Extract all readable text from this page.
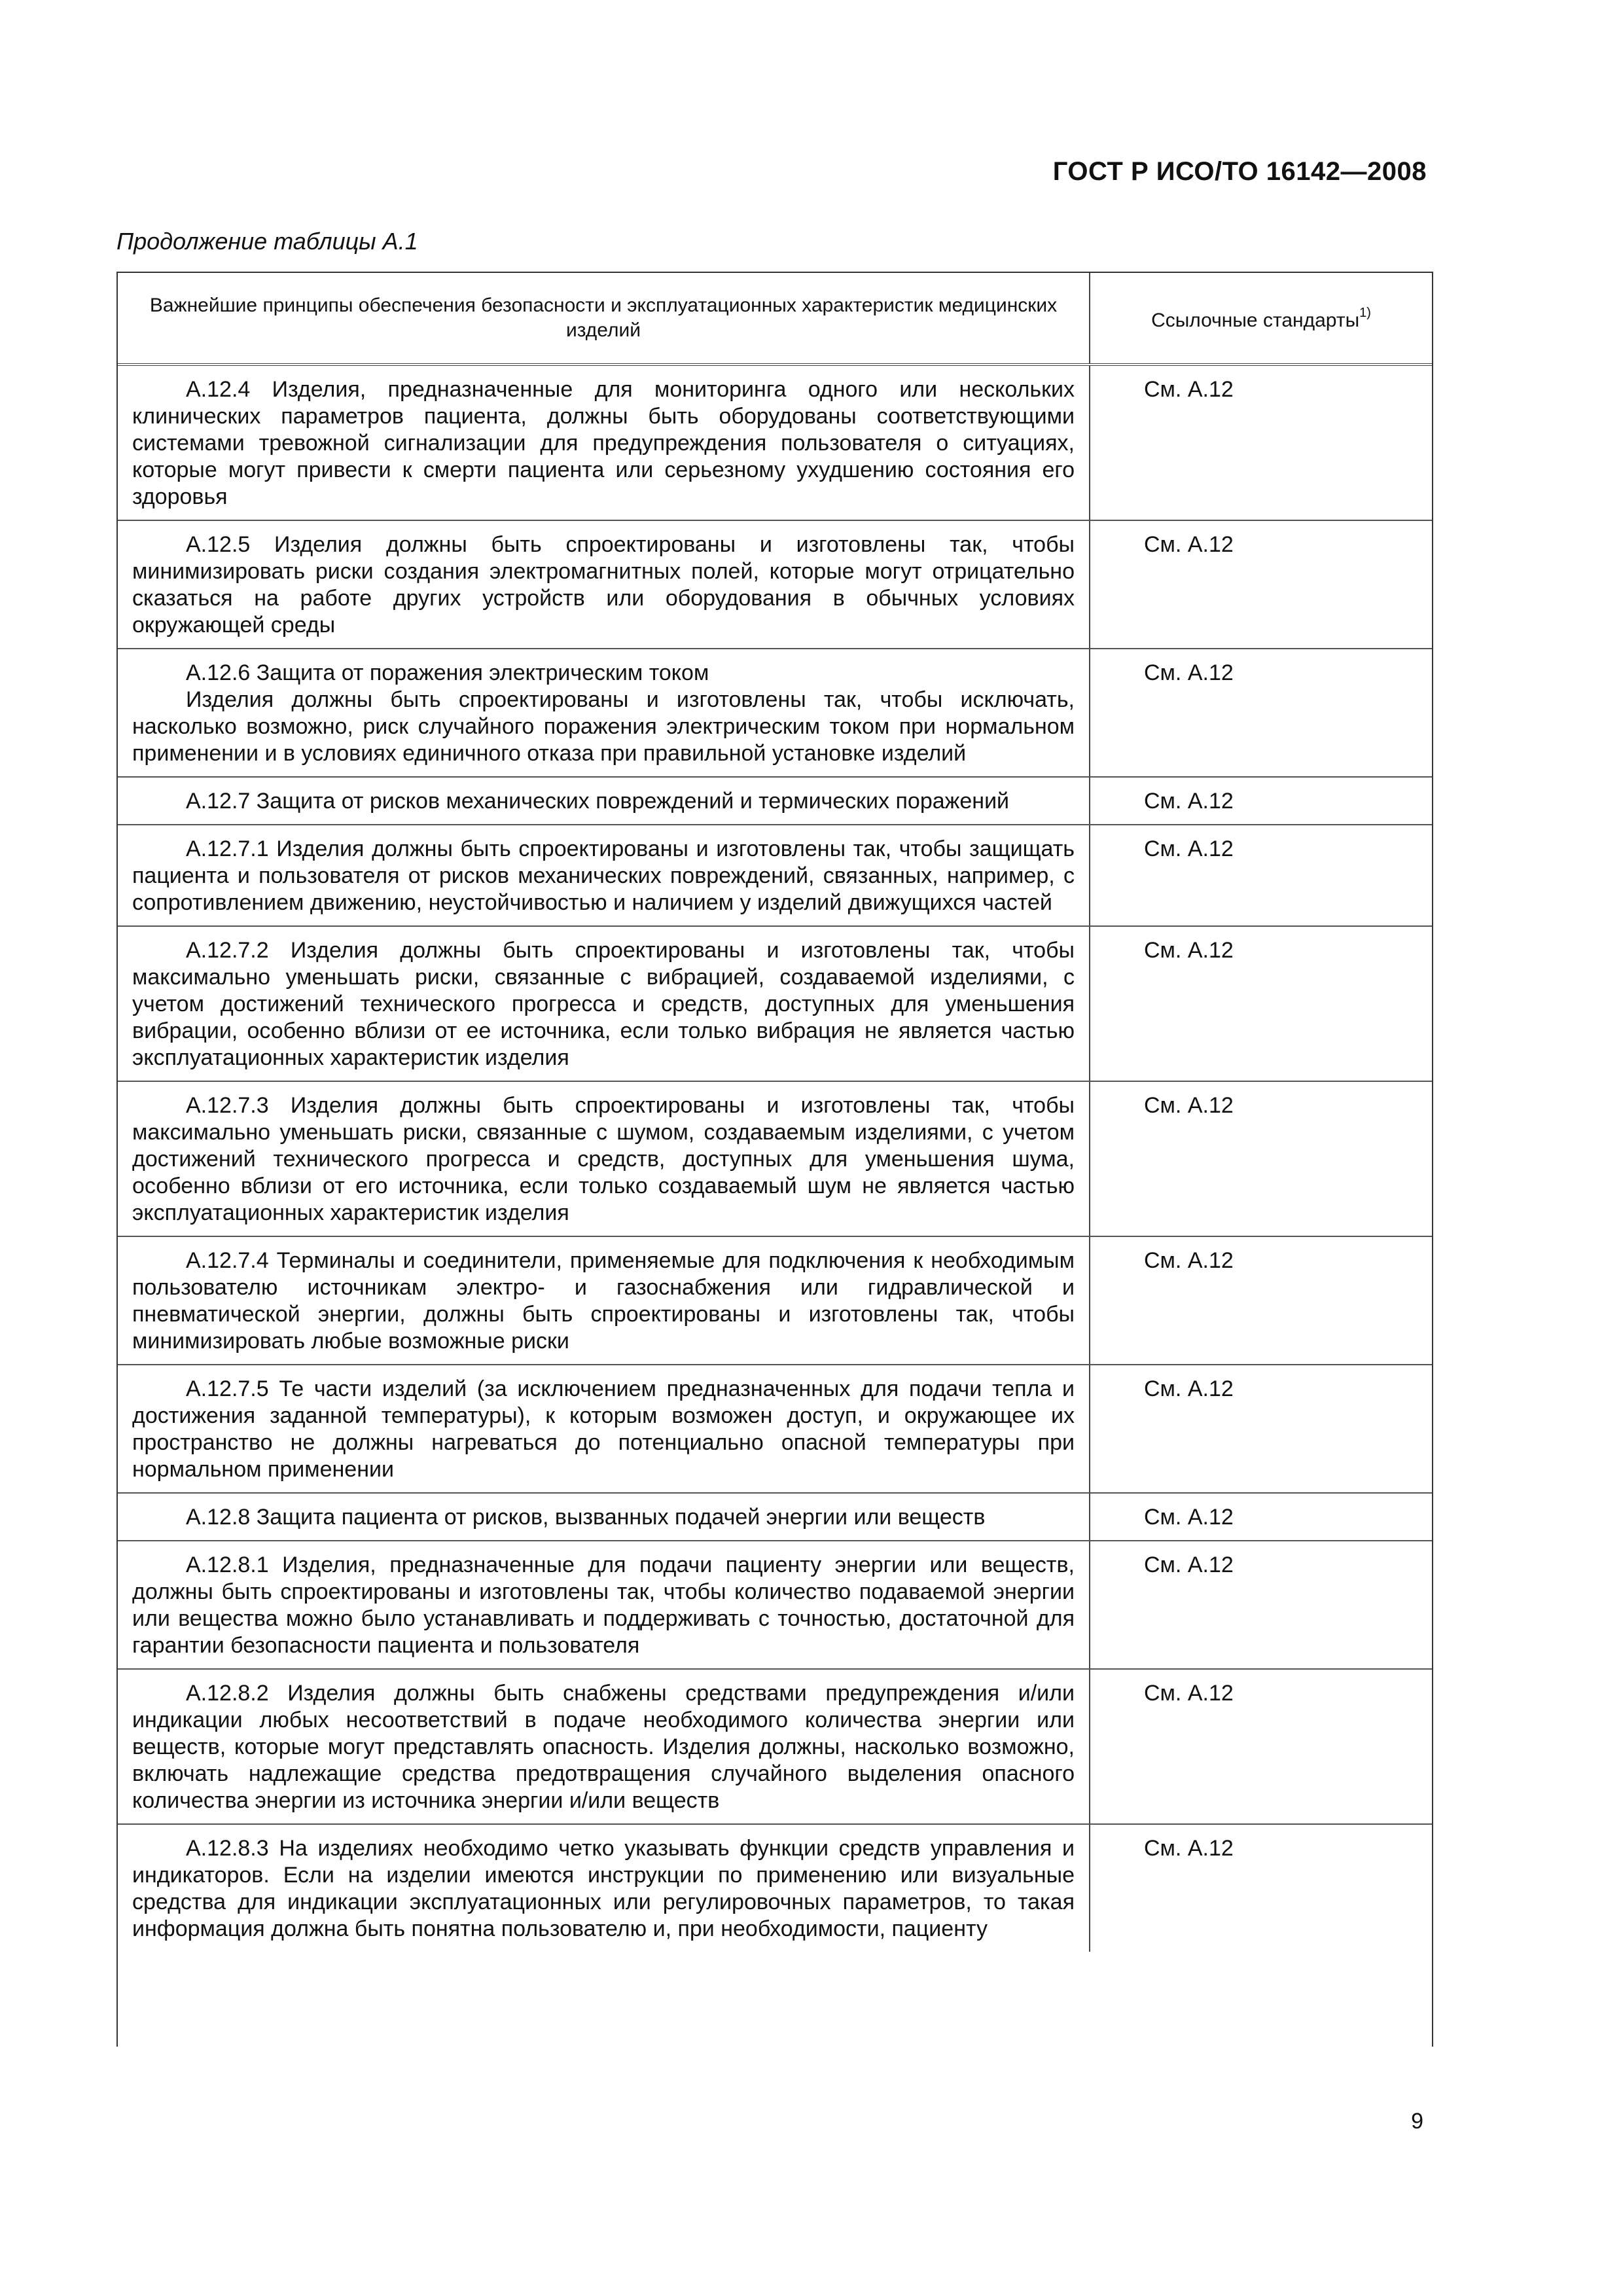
ГОСТ Р ИСО/ТО 16142—2008
Продолжение таблицы А.1
Важнейшие принципы обеспечения безопасности и эксплуатационных характеристик медицинских изделий	Ссылочные стандарты$^{1)}$

А.12.4 Изделия, предназначенные для мониторинга одного или нескольких клинических параметров пациента, должны быть оборудованы соответствующими системами тревожной сигнализации для предупреждения пользователя о ситуациях, которые могут привести к смерти пациента или серьезному ухудшению состояния его здоровья	См. А.12

А.12.5 Изделия должны быть спроектированы и изготовлены так, чтобы минимизировать риски создания электромагнитных полей, которые могут отрицательно сказаться на работе других устройств или оборудования в обычных условиях окружающей среды	См. А.12

А.12.6 Защита от поражения электрическим током

Изделия должны быть спроектированы и изготовлены так, чтобы исключать, насколько возможно, риск случайного поражения электрическим током при нормальном применении и в условиях единичного отказа при правильной установке изделий	См. А.12

А.12.7 Защита от рисков механических повреждений и термических поражений	См. А.12

А.12.7.1 Изделия должны быть спроектированы и изготовлены так, чтобы защищать пациента и пользователя от рисков механических повреждений, связанных, например, с сопротивлением движению, неустойчивостью и наличием у изделий движущихся частей	См. А.12

А.12.7.2 Изделия должны быть спроектированы и изготовлены так, чтобы максимально уменьшать риски, связанные с вибрацией, создаваемой изделиями, с учетом достижений технического прогресса и средств, доступных для уменьшения вибрации, особенно вблизи от ее источника, если только вибрация не является частью эксплуатационных характеристик изделия	См. А.12

А.12.7.3 Изделия должны быть спроектированы и изготовлены так, чтобы максимально уменьшать риски, связанные с шумом, создаваемым изделиями, с учетом достижений технического прогресса и средств, доступных для уменьшения шума, особенно вблизи от его источника, если только создаваемый шум не является частью эксплуатационных характеристик изделия	См. А.12

А.12.7.4 Терминалы и соединители, применяемые для подключения к необходимым пользователю источникам электро- и газоснабжения или гидравлической и пневматической энергии, должны быть спроектированы и изготовлены так, чтобы минимизировать любые возможные риски	См. А.12

А.12.7.5 Те части изделий (за исключением предназначенных для подачи тепла и достижения заданной температуры), к которым возможен доступ, и окружающее их пространство не должны нагреваться до потенциально опасной температуры при нормальном применении	См. А.12

А.12.8 Защита пациента от рисков, вызванных подачей энергии или веществ	См. А.12

А.12.8.1 Изделия, предназначенные для подачи пациенту энергии или веществ, должны быть спроектированы и изготовлены так, чтобы количество подаваемой энергии или вещества можно было устанавливать и поддерживать с точностью, достаточной для гарантии безопасности пациента и пользователя	См. А.12

А.12.8.2 Изделия должны быть снабжены средствами предупреждения и/или индикации любых несоответствий в подаче необходимого количества энергии или веществ, которые могут представлять опасность. Изделия должны, насколько возможно, включать надлежащие средства предотвращения случайного выделения опасного количества энергии из источника энергии и/или веществ	См. А.12

А.12.8.3 На изделиях необходимо четко указывать функции средств управления и индикаторов. Если на изделии имеются инструкции по применению или визуальные средства для индикации эксплуатационных или регулировочных параметров, то такая информация должна быть понятна пользователю и, при необходимости, пациенту	См. А.12
9
